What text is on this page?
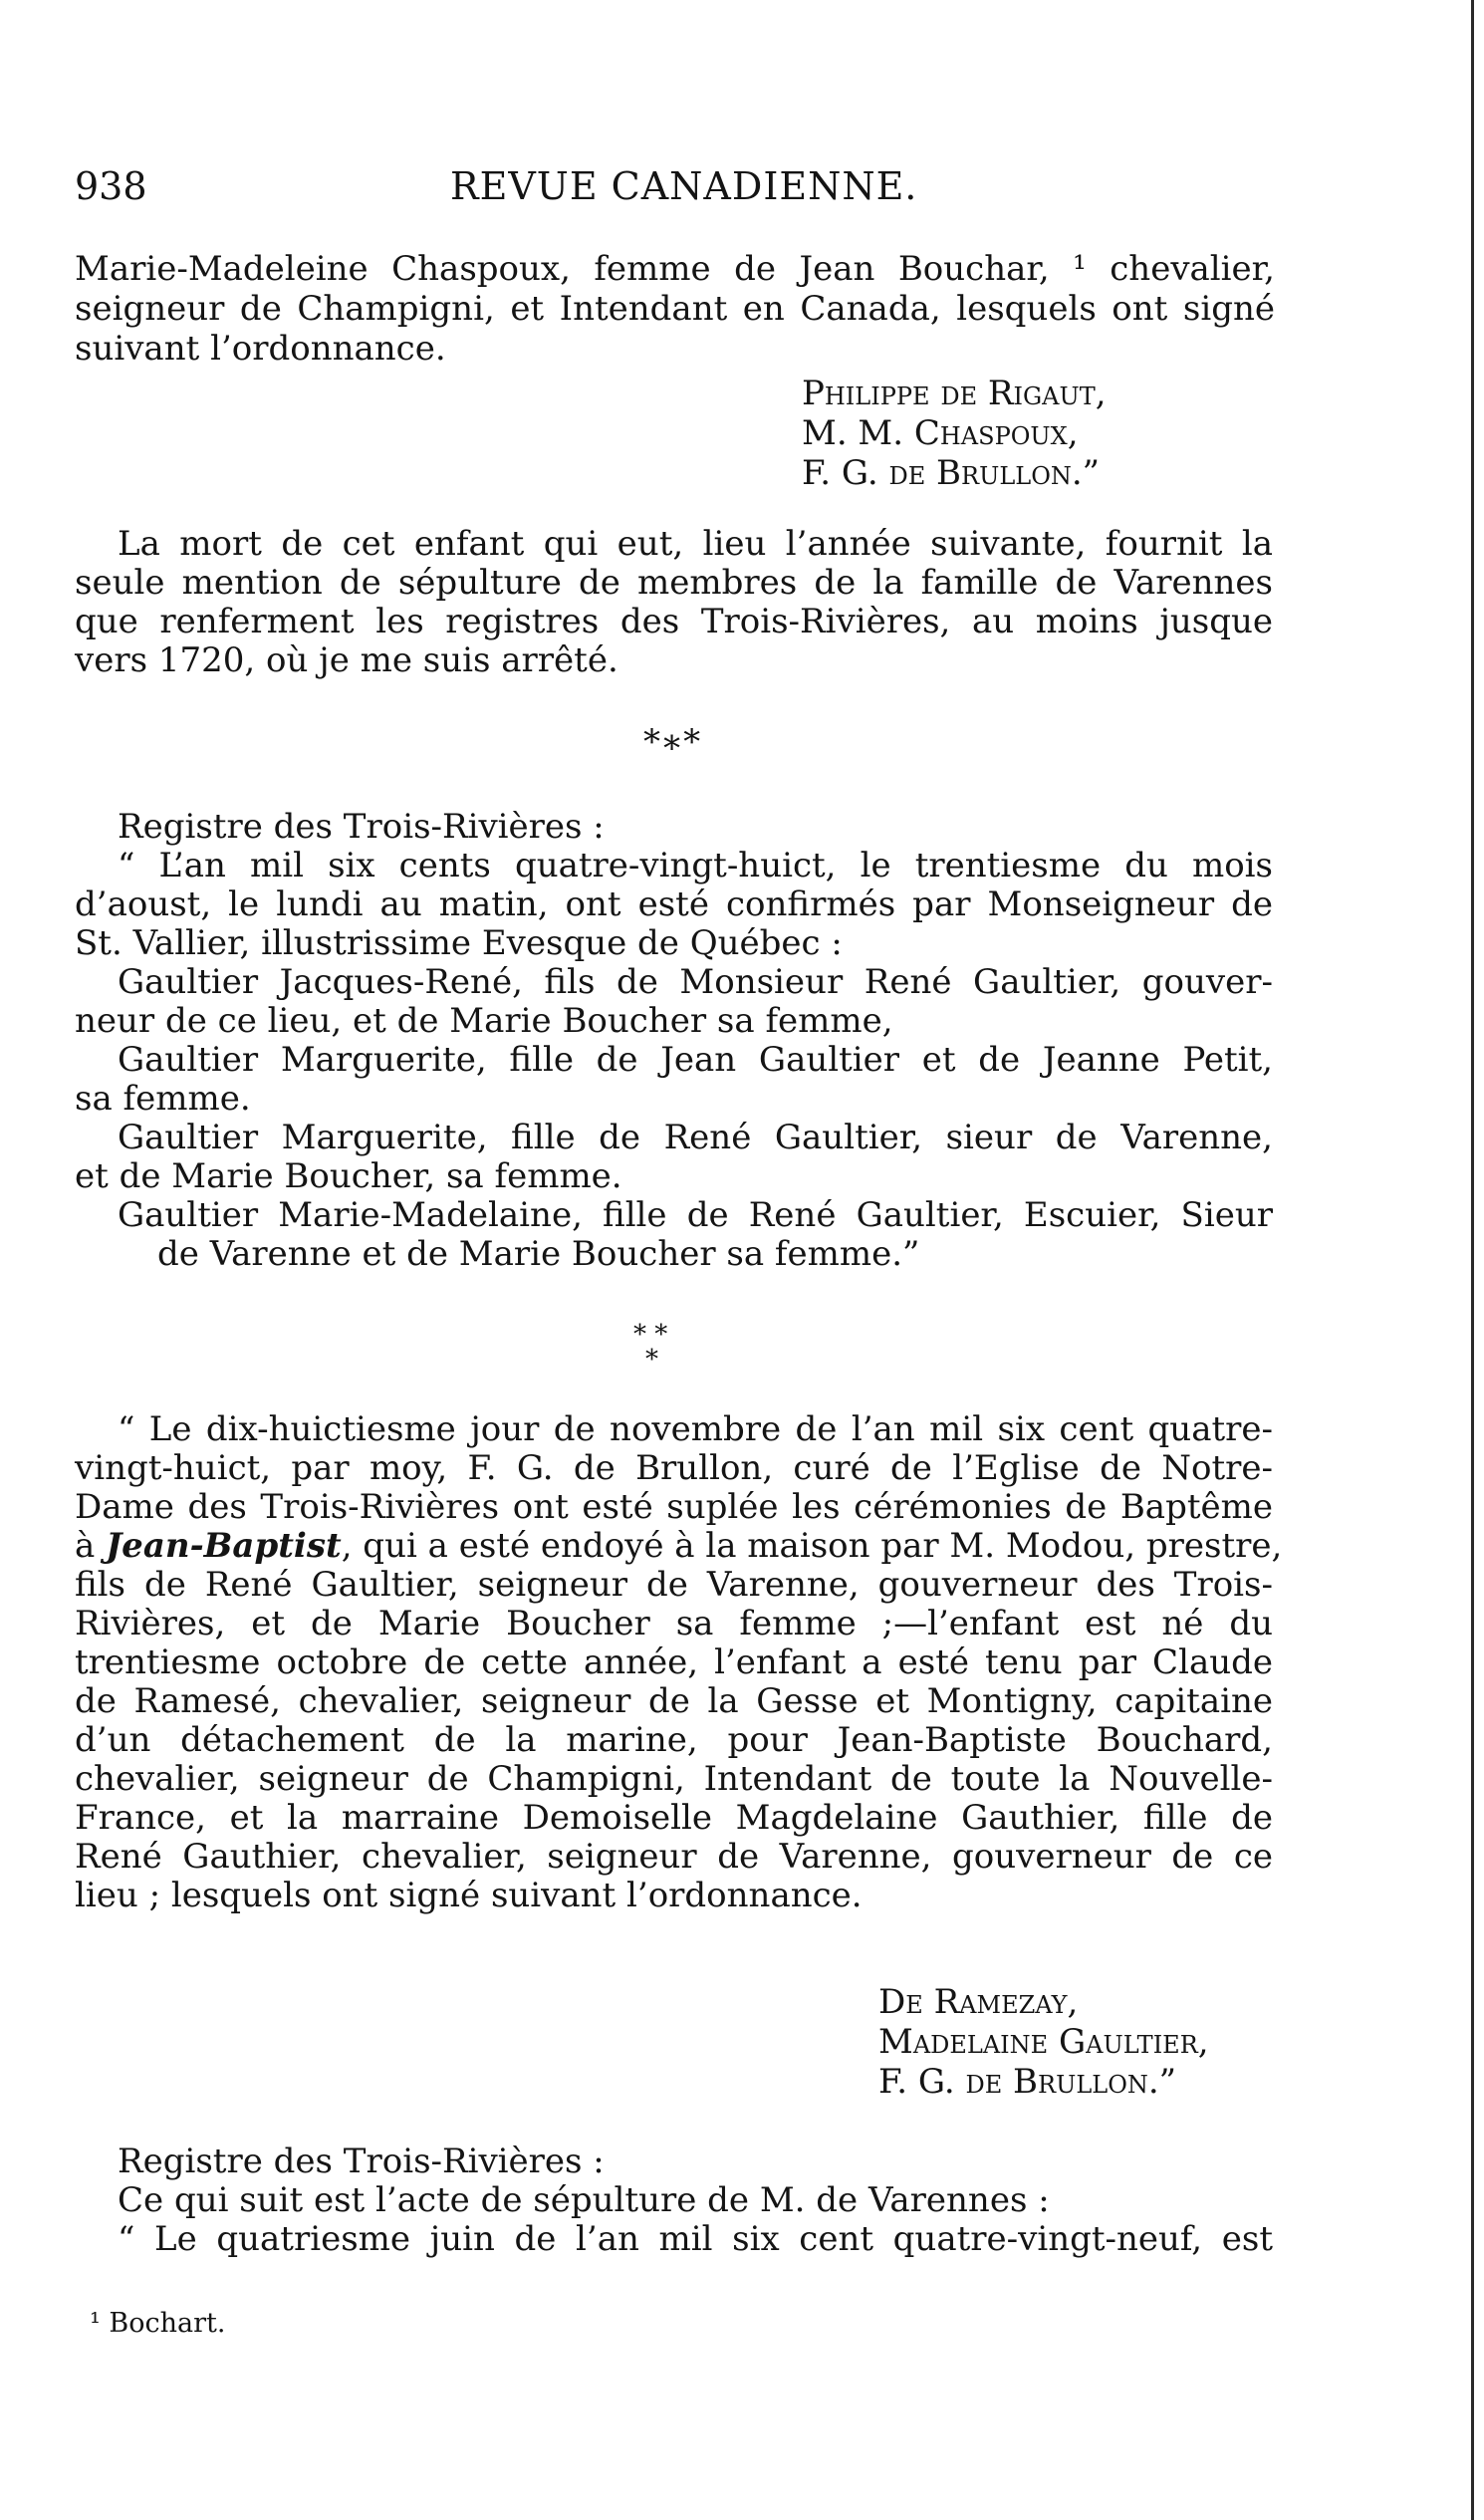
938	REVUE CANADIENNE.
Marie-Madeleine Chaspoux, femme de Jean Bouchar, ¹ chevalier,
seigneur de Champigni, et Intendant en Canada, lesquels ont signé
suivant l’ordonnance.
Philippe de Rigaut,
M. M. Chaspoux,
F. G. de Brullon.”
La mort de cet enfant qui eut, lieu l’année suivante, fournit la
seule mention de sépulture de membres de la famille de Varennes
que renferment les registres des Trois-Rivières, au moins jusque
vers 1720, où je me suis arrêté.
*∗*
Registre des Trois-Rivières :
“ L’an mil six cents quatre-vingt-huict, le trentiesme du mois
d’aoust, le lundi au matin, ont esté confirmés par Monseigneur de
St. Vallier, illustrissime Evesque de Québec :
Gaultier Jacques-René, fils de Monsieur René Gaultier, gouver-
neur de ce lieu, et de Marie Boucher sa femme,
Gaultier Marguerite, fille de Jean Gaultier et de Jeanne Petit,
sa femme.
Gaultier Marguerite, fille de René Gaultier, sieur de Varenne,
et de Marie Boucher, sa femme.
Gaultier Marie-Madelaine, fille de René Gaultier, Escuier, Sieur
de Varenne et de Marie Boucher sa femme.”
* *
*
“ Le dix-huictiesme jour de novembre de l’an mil six cent quatre-
vingt-huict, par moy, F. G. de Brullon, curé de l’Eglise de Notre-
Dame des Trois-Rivières ont esté suplée les cérémonies de Baptême
à Jean-Baptist , qui a esté endoyé à la maison par M. Modou, prestre,
fils de René Gaultier, seigneur de Varenne, gouverneur des Trois-
Rivières, et de Marie Boucher sa femme ;—l’enfant est né du
trentiesme octobre de cette année, l’enfant a esté tenu par Claude
de Ramesé, chevalier, seigneur de la Gesse et Montigny, capitaine
d’un détachement de la marine, pour Jean-Baptiste Bouchard,
chevalier, seigneur de Champigni, Intendant de toute la Nouvelle-
France, et la marraine Demoiselle Magdelaine Gauthier, fille de
René Gauthier, chevalier, seigneur de Varenne, gouverneur de ce
lieu ; lesquels ont signé suivant l’ordonnance.
De Ramezay,
Madelaine Gaultier,
F. G. de Brullon.”
Registre des Trois-Rivières :
Ce qui suit est l’acte de sépulture de M. de Varennes :
“ Le quatriesme juin de l’an mil six cent quatre-vingt-neuf, est
¹ Bochart.
